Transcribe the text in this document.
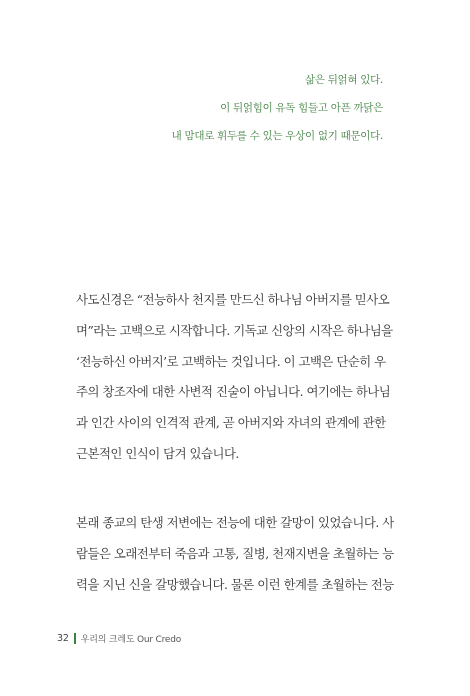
삶은 뒤얽혀 있다.
이 뒤얽힘이 유독 힘들고 아픈 까닭은
내 맘대로 휘두를 수 있는 우상이 없기 때문이다.
사도신경은 “전능하사 천지를 만드신 하나님 아버지를 믿사오
며”라는 고백으로 시작합니다. 기독교 신앙의 시작은 하나님을
‘전능하신 아버지’로 고백하는 것입니다. 이 고백은 단순히 우
주의 창조자에 대한 사변적 진술이 아닙니다. 여기에는 하나님
과 인간 사이의 인격적 관계, 곧 아버지와 자녀의 관계에 관한
근본적인 인식이 담겨 있습니다.
본래 종교의 탄생 저변에는 전능에 대한 갈망이 있었습니다. 사
람들은 오래전부터 죽음과 고통, 질병, 천재지변을 초월하는 능
력을 지닌 신을 갈망했습니다. 물론 이런 한계를 초월하는 전능
32 우리의 크레도 Our Credo
